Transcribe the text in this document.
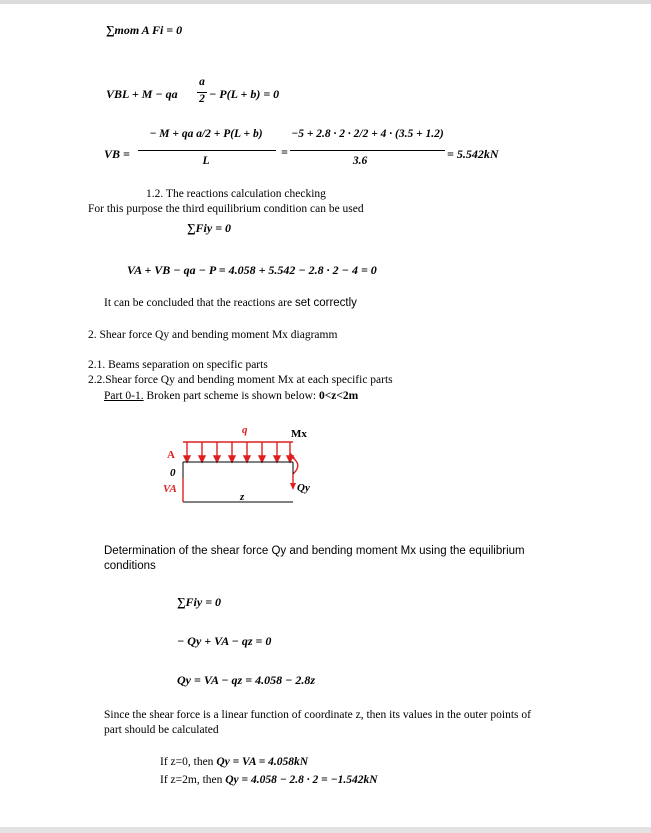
∑mom A Fi = 0
VBL + M − qa
a
2 − P(L + b) = 0
VB =
− M + qa a/2 + P(L + b)
L
=
−5 + 2.8 · 2 · 2/2 + 4 · (3.5 + 1.2)
3.6	= 5.542kN
1.2. The reactions calculation checking
For this purpose the third equilibrium condition can be used
∑Fiy = 0
VA + VB − qa − P = 4.058 + 5.542 − 2.8 · 2 − 4 = 0
It can be concluded that the reactions are set correctly
2. Shear force Qy and bending moment Mx diagramm
2.1. Beams separation on specific parts
2.2.Shear force Qy and bending moment Mx at each specific parts
Part 0-1. Broken part scheme is shown below: 0<z<2m
q	Mx
A
0
VA
z
Qy
Determination of the shear force Qy and bending moment Mx using the equilibrium
conditions
∑Fiy = 0
− Qy + VA − qz = 0
Qy = VA − qz = 4.058 − 2.8z
Since the shear force is a linear function of coordinate z, then its values in the outer points of
part should be calculated
If z=0, then Qy = VA = 4.058kN
If z=2m, then Qy = 4.058 − 2.8 · 2 = −1.542kN
